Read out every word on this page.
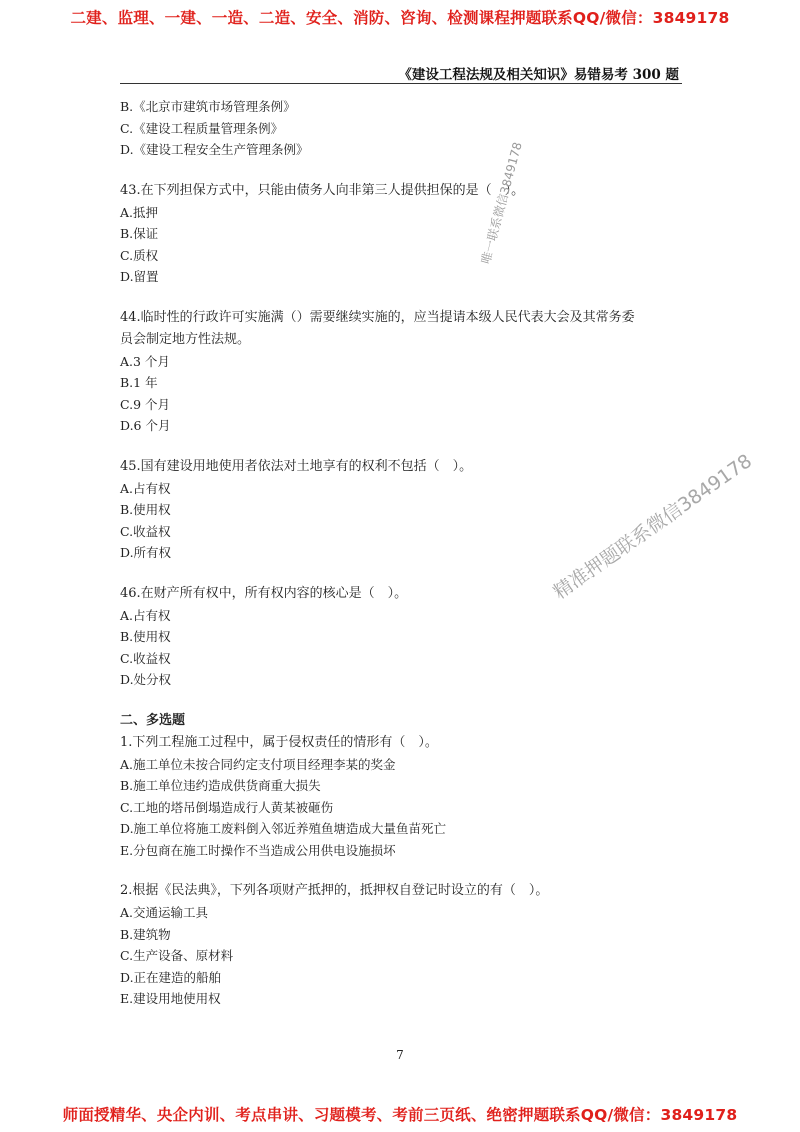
二建、监理、一建、一造、二造、安全、消防、咨询、检测课程押题联系QQ/微信：3849178
《建设工程法规及相关知识》易错易考 300 题

B.《北京市建筑市场管理条例》

C.《建设工程质量管理条例》

D.《建设工程安全生产管理条例》

43.在下列担保方式中，只能由债务人向非第三人提供担保的是（　）。

A.抵押

B.保证

C.质权

D.留置

44.临时性的行政许可实施满（）需要继续实施的，应当提请本级人民代表大会及其常务委

员会制定地方性法规。

A.3 个月

B.1 年

C.9 个月

D.6 个月

45.国有建设用地使用者依法对土地享有的权利不包括（　）。

A.占有权

B.使用权

C.收益权

D.所有权

46.在财产所有权中，所有权内容的核心是（　）。

A.占有权

B.使用权

C.收益权

D.处分权

二、多选题

1.下列工程施工过程中，属于侵权责任的情形有（　）。

A.施工单位未按合同约定支付项目经理李某的奖金

B.施工单位违约造成供货商重大损失

C.工地的塔吊倒塌造成行人黄某被砸伤

D.施工单位将施工废料倒入邻近养殖鱼塘造成大量鱼苗死亡

E.分包商在施工时操作不当造成公用供电设施损坏

2.根据《民法典》，下列各项财产抵押的，抵押权自登记时设立的有（　）。

A.交通运输工具

B.建筑物

C.生产设备、原材料

D.正在建造的船舶

E.建设用地使用权

唯一联系微信3849178
精准押题联系微信3849178
7
师面授精华、央企内训、考点串讲、习题模考、考前三页纸、绝密押题联系QQ/微信：3849178
